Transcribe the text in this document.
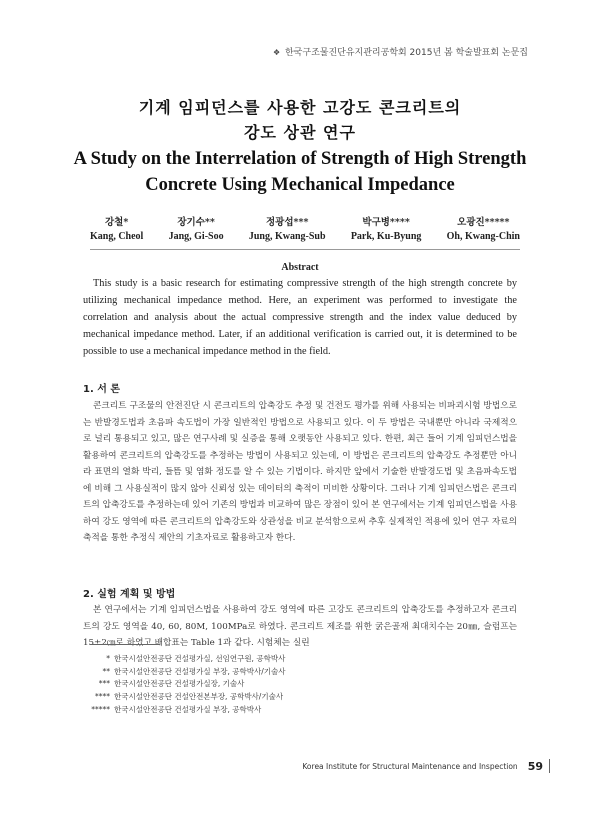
❖ 한국구조물진단유지관리공학회 2015년 봄 학술발표회 논문집
기계 임피던스를 사용한 고강도 콘크리트의
강도 상관 연구
A Study on the Interrelation of Strength of High Strength
Concrete Using Mechanical Impedance
강철*
Kang, Cheol
장기수**
Jang, Gi-Soo
정광섭***
Jung, Kwang-Sub
박구병****
Park, Ku-Byung
오광진*****
Oh, Kwang-Chin
Abstract
This study is a basic research for estimating compressive strength of the high strength concrete by utilizing mechanical impedance method. Here, an experiment was performed to investigate the correlation and analysis about the actual compressive strength and the index value deduced by mechanical impedance method. Later, if an additional verification is carried out, it is determined to be possible to use a mechanical impedance method in the field.
1. 서 론
콘크리트 구조물의 안전진단 시 콘크리트의 압축강도 추정 및 건전도 평가를 위해 사용되는 비파괴시험 방법으로는 반발경도법과 초음파 속도법이 가장 일반적인 방법으로 사용되고 있다. 이 두 방법은 국내뿐만 아니라 국제적으로 널리 통용되고 있고, 많은 연구사례 및 실증을 통해 오랫동안 사용되고 있다. 한편, 최근 들어 기계 임피던스법을 활용하여 콘크리트의 압축강도를 추정하는 방법이 사용되고 있는데, 이 방법은 콘크리트의 압축강도 추정뿐만 아니라 표면의 열화 박리, 들뜸 및 염화 정도를 알 수 있는 기법이다. 하지만 앞에서 기술한 반발경도법 및 초음파속도법에 비해 그 사용실적이 많지 않아 신뢰성 있는 데이터의 축적이 미비한 상황이다. 그러나 기계 임피던스법은 콘크리트의 압축강도를 추정하는데 있어 기존의 방법과 비교하여 많은 장점이 있어 본 연구에서는 기계 임피던스법을 사용하여 강도 영역에 따른 콘크리트의 압축강도와 상관성을 비교 분석함으로써 추후 실제적인 적용에 있어 연구 자료의 축적을 통한 추정식 제안의 기초자료로 활용하고자 한다.
2. 실험 계획 및 방법
본 연구에서는 기계 임피던스법을 사용하여 강도 영역에 따른 고강도 콘크리트의 압축강도를 추정하고자 콘크리트의 강도 영역을 40, 60, 80M, 100MPa로 하였다. 콘크리트 제조를 위한 굵은골재 최대치수는 20㎜, 슬럼프는 15±2㎝로 하였고 배합표는 Table 1과 같다. 시험체는 실린
* 한국시설안전공단 건설평가실, 선임연구원, 공학박사
** 한국시설안전공단 건설평가실 부장, 공학박사/기술사
*** 한국시설안전공단 건설평가실장, 기술사
**** 한국시설안전공단 건설안전본부장, 공학박사/기술사
***** 한국시설안전공단 건설평가실 부장, 공학박사
Korea Institute for Structural Maintenance and Inspection 59
